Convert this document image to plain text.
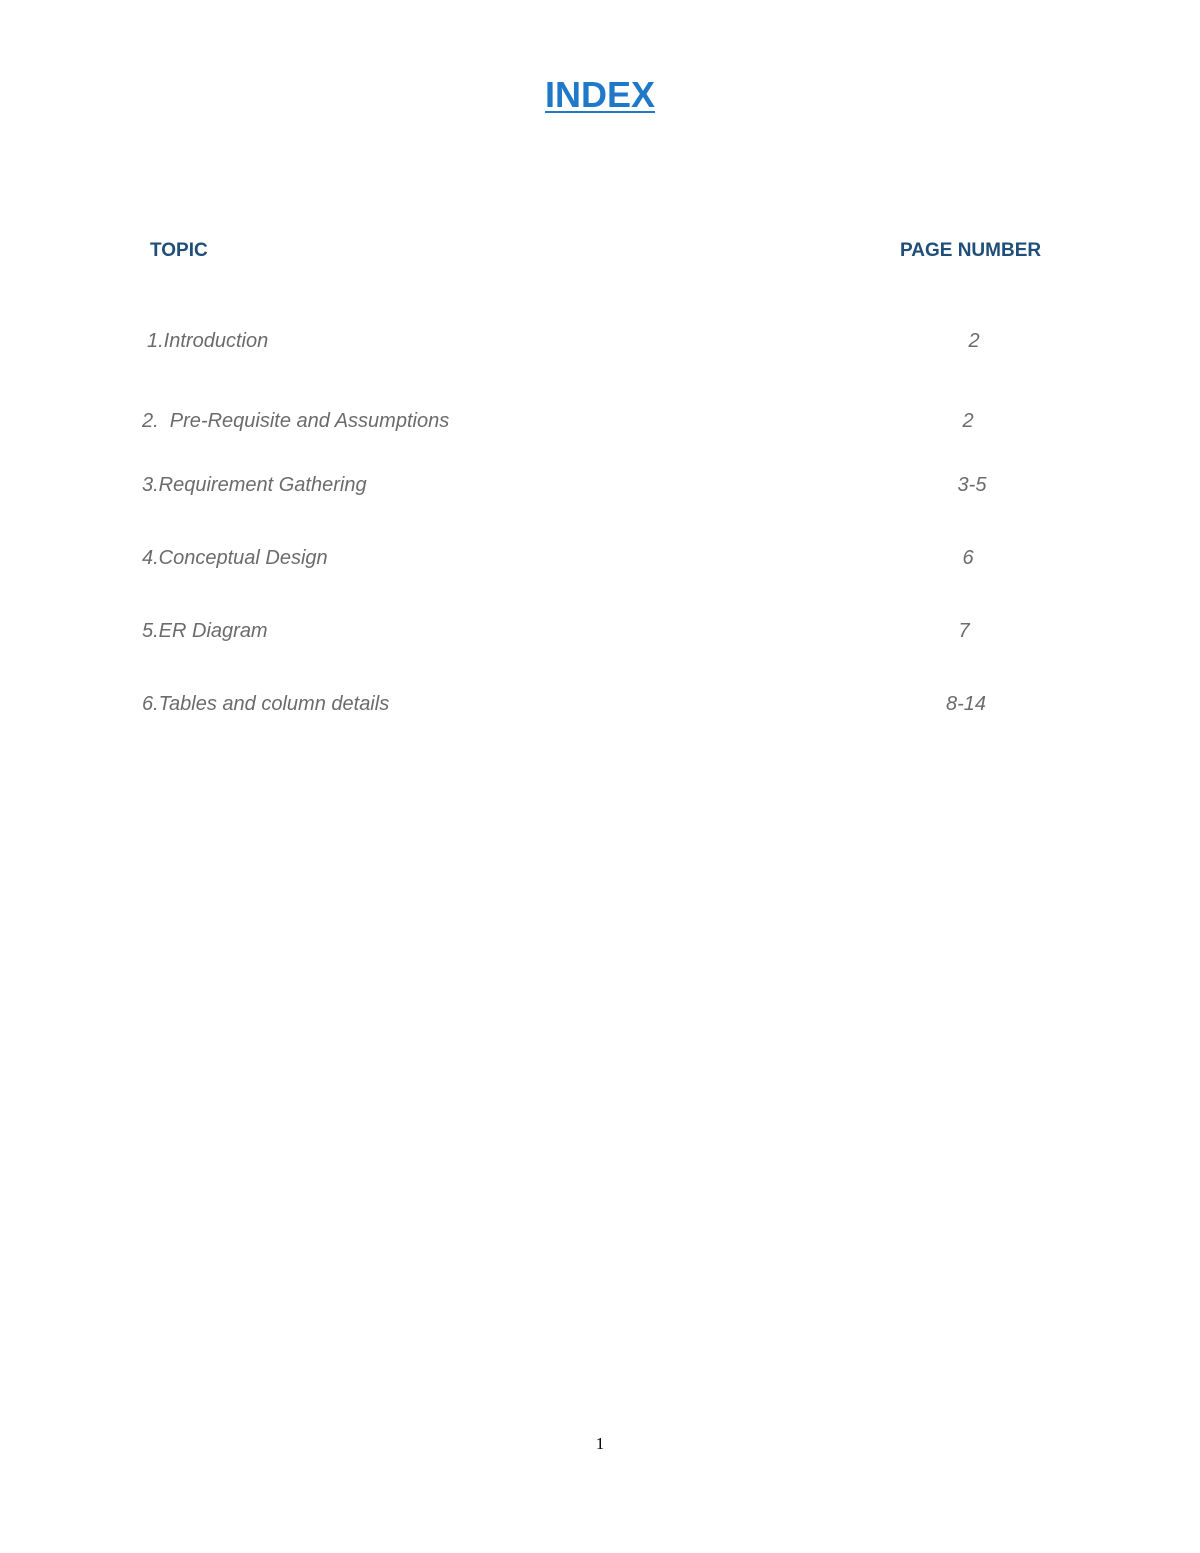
INDEX
TOPIC	PAGE NUMBER
1.Introduction	2
2.  Pre-Requisite and Assumptions	2
3.Requirement Gathering	3-5
4.Conceptual Design	6
5.ER Diagram	7
6.Tables and column details	8-14
1
